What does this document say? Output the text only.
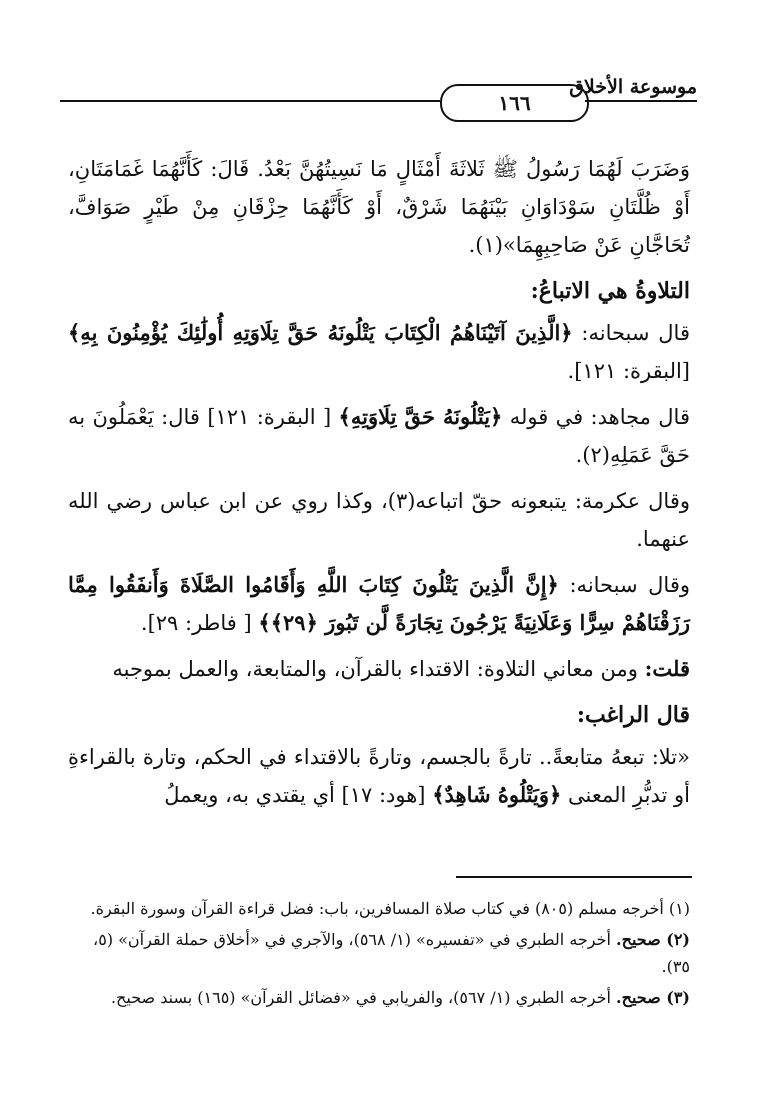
١٦٦
موسوعة الأخلاق

وَضَرَبَ لَهُمَا رَسُولُ ﷺ ثَلاثَةَ أَمْثَالٍ مَا نَسِيتُهُنَّ بَعْدُ. قَالَ: كَأَنَّهُمَا غَمَامَتَانِ، أَوْ ظُلَّتَانِ سَوْدَاوَانِ بَيْنَهُمَا شَرْقٌ، أَوْ كَأَنَّهُمَا حِزْقَانِ مِنْ طَيْرٍ صَوَافَّ، تُحَاجَّانِ عَنْ صَاحِبِهِمَا»(١).

التلاوةُ هي الاتباعُ:

قال سبحانه: ﴿الَّذِينَ آتَيْنَاهُمُ الْكِتَابَ يَتْلُونَهُ حَقَّ تِلَاوَتِهِ أُولَٰئِكَ يُؤْمِنُونَ بِهِ﴾ [البقرة: ١٢١].

قال مجاهد: في قوله ﴿يَتْلُونَهُ حَقَّ تِلَاوَتِهِ﴾ [ البقرة: ١٢١] قال: يَعْمَلُونَ به حَقَّ عَمَلِهِ(٢).

وقال عكرمة: يتبعونه حقّ اتباعه(٣)، وكذا روي عن ابن عباس رضي الله عنهما.

وقال سبحانه: ﴿إِنَّ الَّذِينَ يَتْلُونَ كِتَابَ اللَّهِ وَأَقَامُوا الصَّلَاةَ وَأَنفَقُوا مِمَّا رَزَقْنَاهُمْ سِرًّا وَعَلَانِيَةً يَرْجُونَ تِجَارَةً لَّن تَبُورَ ﴿٢٩﴾﴾ [ فاطر: ٢٩].

قلت: ومن معاني التلاوة: الاقتداء بالقرآن، والمتابعة، والعمل بموجبه

قال الراغب:

«تلا: تبعهُ متابعةً.. تارةً بالجسم، وتارةً بالاقتداء في الحكم، وتارة بالقراءةِ أو تدبُّرِ المعنى ﴿وَيَتْلُوهُ شَاهِدٌ﴾ [هود: ١٧] أي يقتدي به، ويعملُ

(١) أخرجه مسلم (٨٠٥) في كتاب صلاة المسافرين، باب: فضل قراءة القرآن وسورة البقرة.

(٢) صحيح. أخرجه الطبري في «تفسيره» (١/ ٥٦٨)، والآجري في «أخلاق حملة القرآن» (٥، ٣٥).

(٣) صحيح. أخرجه الطبري (١/ ٥٦٧)، والفريابي في «فضائل القرآن» (١٦٥) بسند صحيح.
